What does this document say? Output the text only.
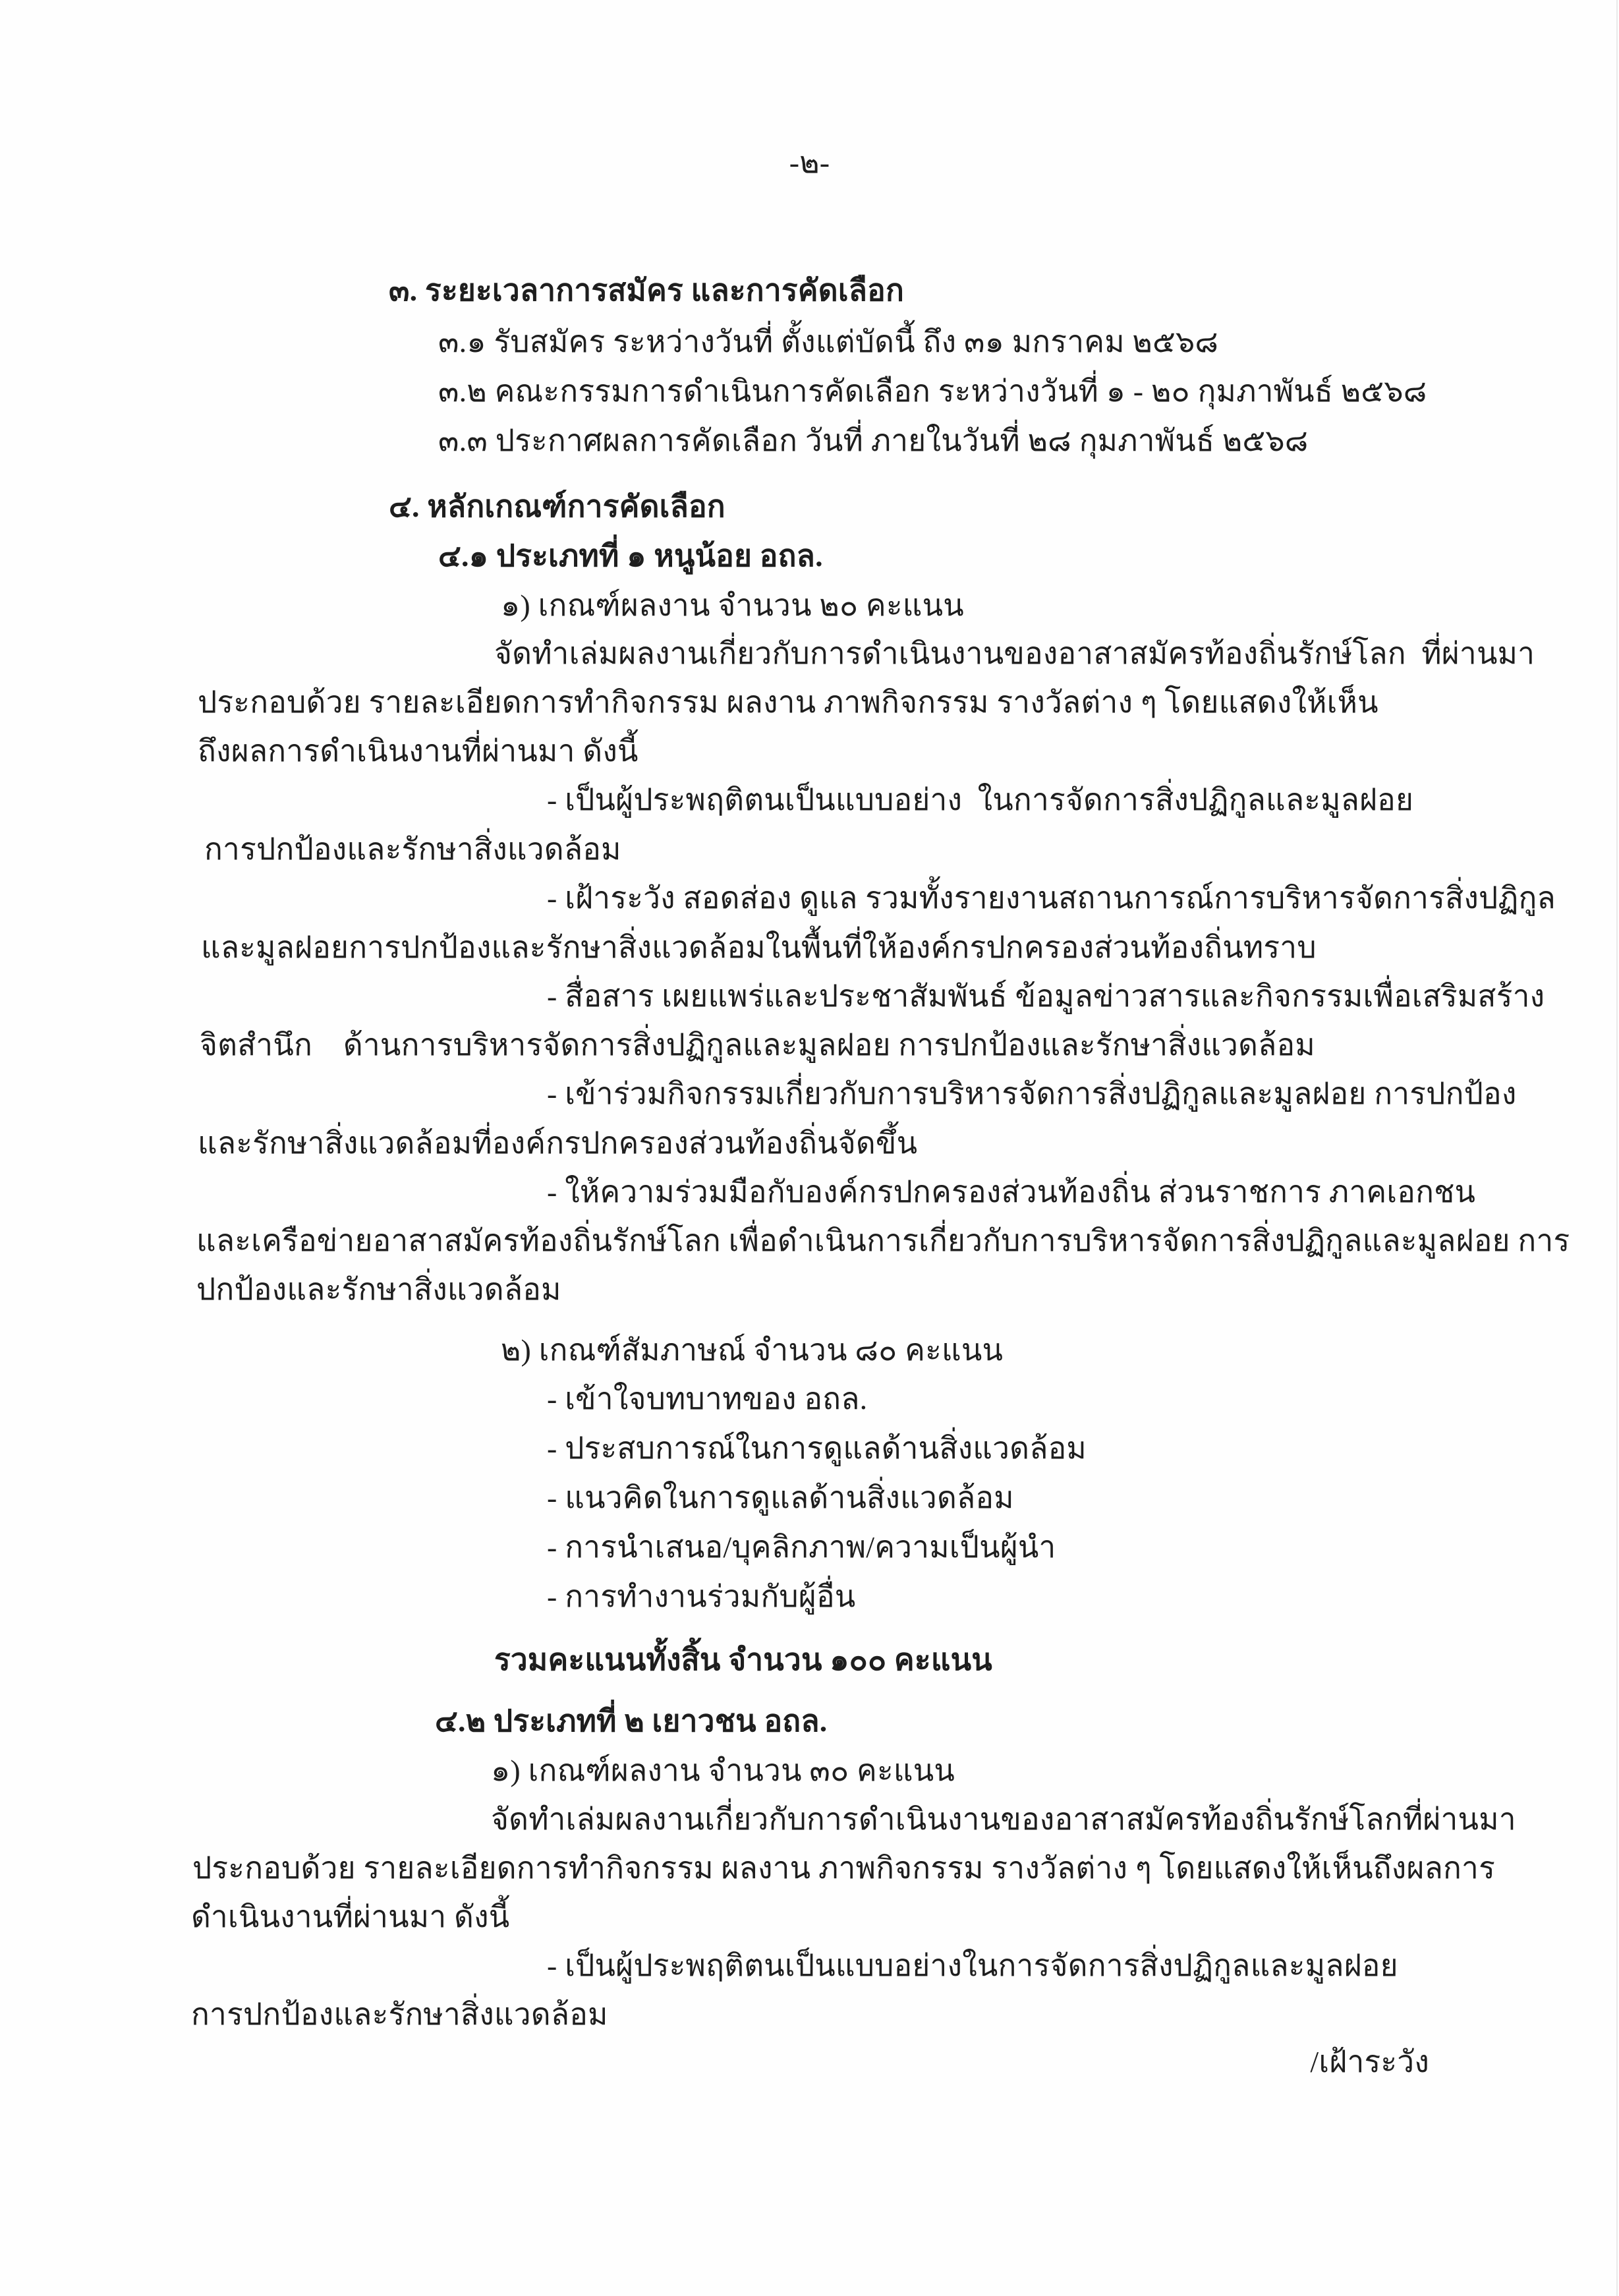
-๒-
๓. ระยะเวลาการสมัคร และการคัดเลือก
๓.๑ รับสมัคร ระหว่างวันที่ ตั้งแต่บัดนี้ ถึง ๓๑ มกราคม ๒๕๖๘
๓.๒ คณะกรรมการดำเนินการคัดเลือก ระหว่างวันที่ ๑ - ๒๐ กุมภาพันธ์ ๒๕๖๘
๓.๓ ประกาศผลการคัดเลือก วันที่ ภายในวันที่ ๒๘ กุมภาพันธ์ ๒๕๖๘
๔. หลักเกณฑ์การคัดเลือก
๔.๑ ประเภทที่ ๑ หนูน้อย อถล.
๑) เกณฑ์ผลงาน จำนวน ๒๐ คะแนน
จัดทำเล่มผลงานเกี่ยวกับการดำเนินงานของอาสาสมัครท้องถิ่นรักษ์โลก  ที่ผ่านมา
ประกอบด้วย รายละเอียดการทำกิจกรรม ผลงาน ภาพกิจกรรม รางวัลต่าง ๆ โดยแสดงให้เห็น
ถึงผลการดำเนินงานที่ผ่านมา ดังนี้
- เป็นผู้ประพฤติตนเป็นแบบอย่าง  ในการจัดการสิ่งปฏิกูลและมูลฝอย
การปกป้องและรักษาสิ่งแวดล้อม
- เฝ้าระวัง สอดส่อง ดูแล รวมทั้งรายงานสถานการณ์การบริหารจัดการสิ่งปฏิกูล
และมูลฝอยการปกป้องและรักษาสิ่งแวดล้อมในพื้นที่ให้องค์กรปกครองส่วนท้องถิ่นทราบ
- สื่อสาร เผยแพร่และประชาสัมพันธ์ ข้อมูลข่าวสารและกิจกรรมเพื่อเสริมสร้าง
จิตสำนึก    ด้านการบริหารจัดการสิ่งปฏิกูลและมูลฝอย การปกป้องและรักษาสิ่งแวดล้อม
- เข้าร่วมกิจกรรมเกี่ยวกับการบริหารจัดการสิ่งปฏิกูลและมูลฝอย การปกป้อง
และรักษาสิ่งแวดล้อมที่องค์กรปกครองส่วนท้องถิ่นจัดขึ้น
- ให้ความร่วมมือกับองค์กรปกครองส่วนท้องถิ่น ส่วนราชการ ภาคเอกชน
และเครือข่ายอาสาสมัครท้องถิ่นรักษ์โลก เพื่อดำเนินการเกี่ยวกับการบริหารจัดการสิ่งปฏิกูลและมูลฝอย การ
ปกป้องและรักษาสิ่งแวดล้อม
๒) เกณฑ์สัมภาษณ์ จำนวน ๘๐ คะแนน
- เข้าใจบทบาทของ อถล.
- ประสบการณ์ในการดูแลด้านสิ่งแวดล้อม
- แนวคิดในการดูแลด้านสิ่งแวดล้อม
- การนำเสนอ/บุคลิกภาพ/ความเป็นผู้นำ
- การทำงานร่วมกับผู้อื่น
รวมคะแนนทั้งสิ้น จำนวน ๑๐๐ คะแนน
๔.๒ ประเภทที่ ๒ เยาวชน อถล.
๑) เกณฑ์ผลงาน จำนวน ๓๐ คะแนน
จัดทำเล่มผลงานเกี่ยวกับการดำเนินงานของอาสาสมัครท้องถิ่นรักษ์โลกที่ผ่านมา
ประกอบด้วย รายละเอียดการทำกิจกรรม ผลงาน ภาพกิจกรรม รางวัลต่าง ๆ โดยแสดงให้เห็นถึงผลการ
ดำเนินงานที่ผ่านมา ดังนี้
- เป็นผู้ประพฤติตนเป็นแบบอย่างในการจัดการสิ่งปฏิกูลและมูลฝอย
การปกป้องและรักษาสิ่งแวดล้อม
/เฝ้าระวัง
